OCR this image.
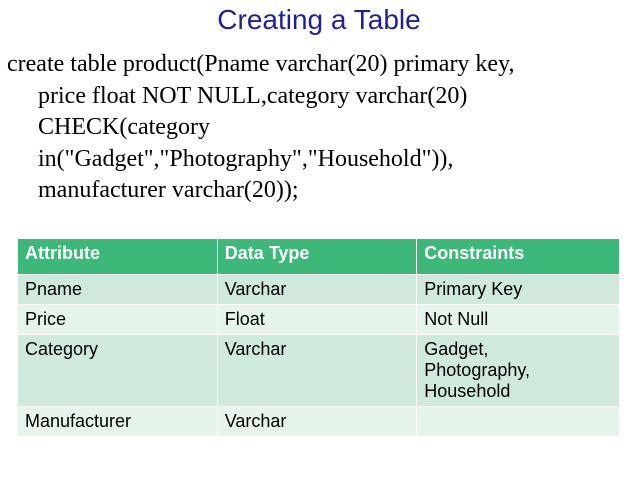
Creating a Table
create table product(Pname varchar(20) primary key,
price float NOT NULL,category varchar(20)
CHECK(category
in("Gadget","Photography","Household")),
manufacturer varchar(20));
Attribute	Data Type	Constraints
Pname	Varchar	Primary Key
Price	Float	Not Null
Category	Varchar	Gadget,
Photography,
Household
Manufacturer	Varchar	
